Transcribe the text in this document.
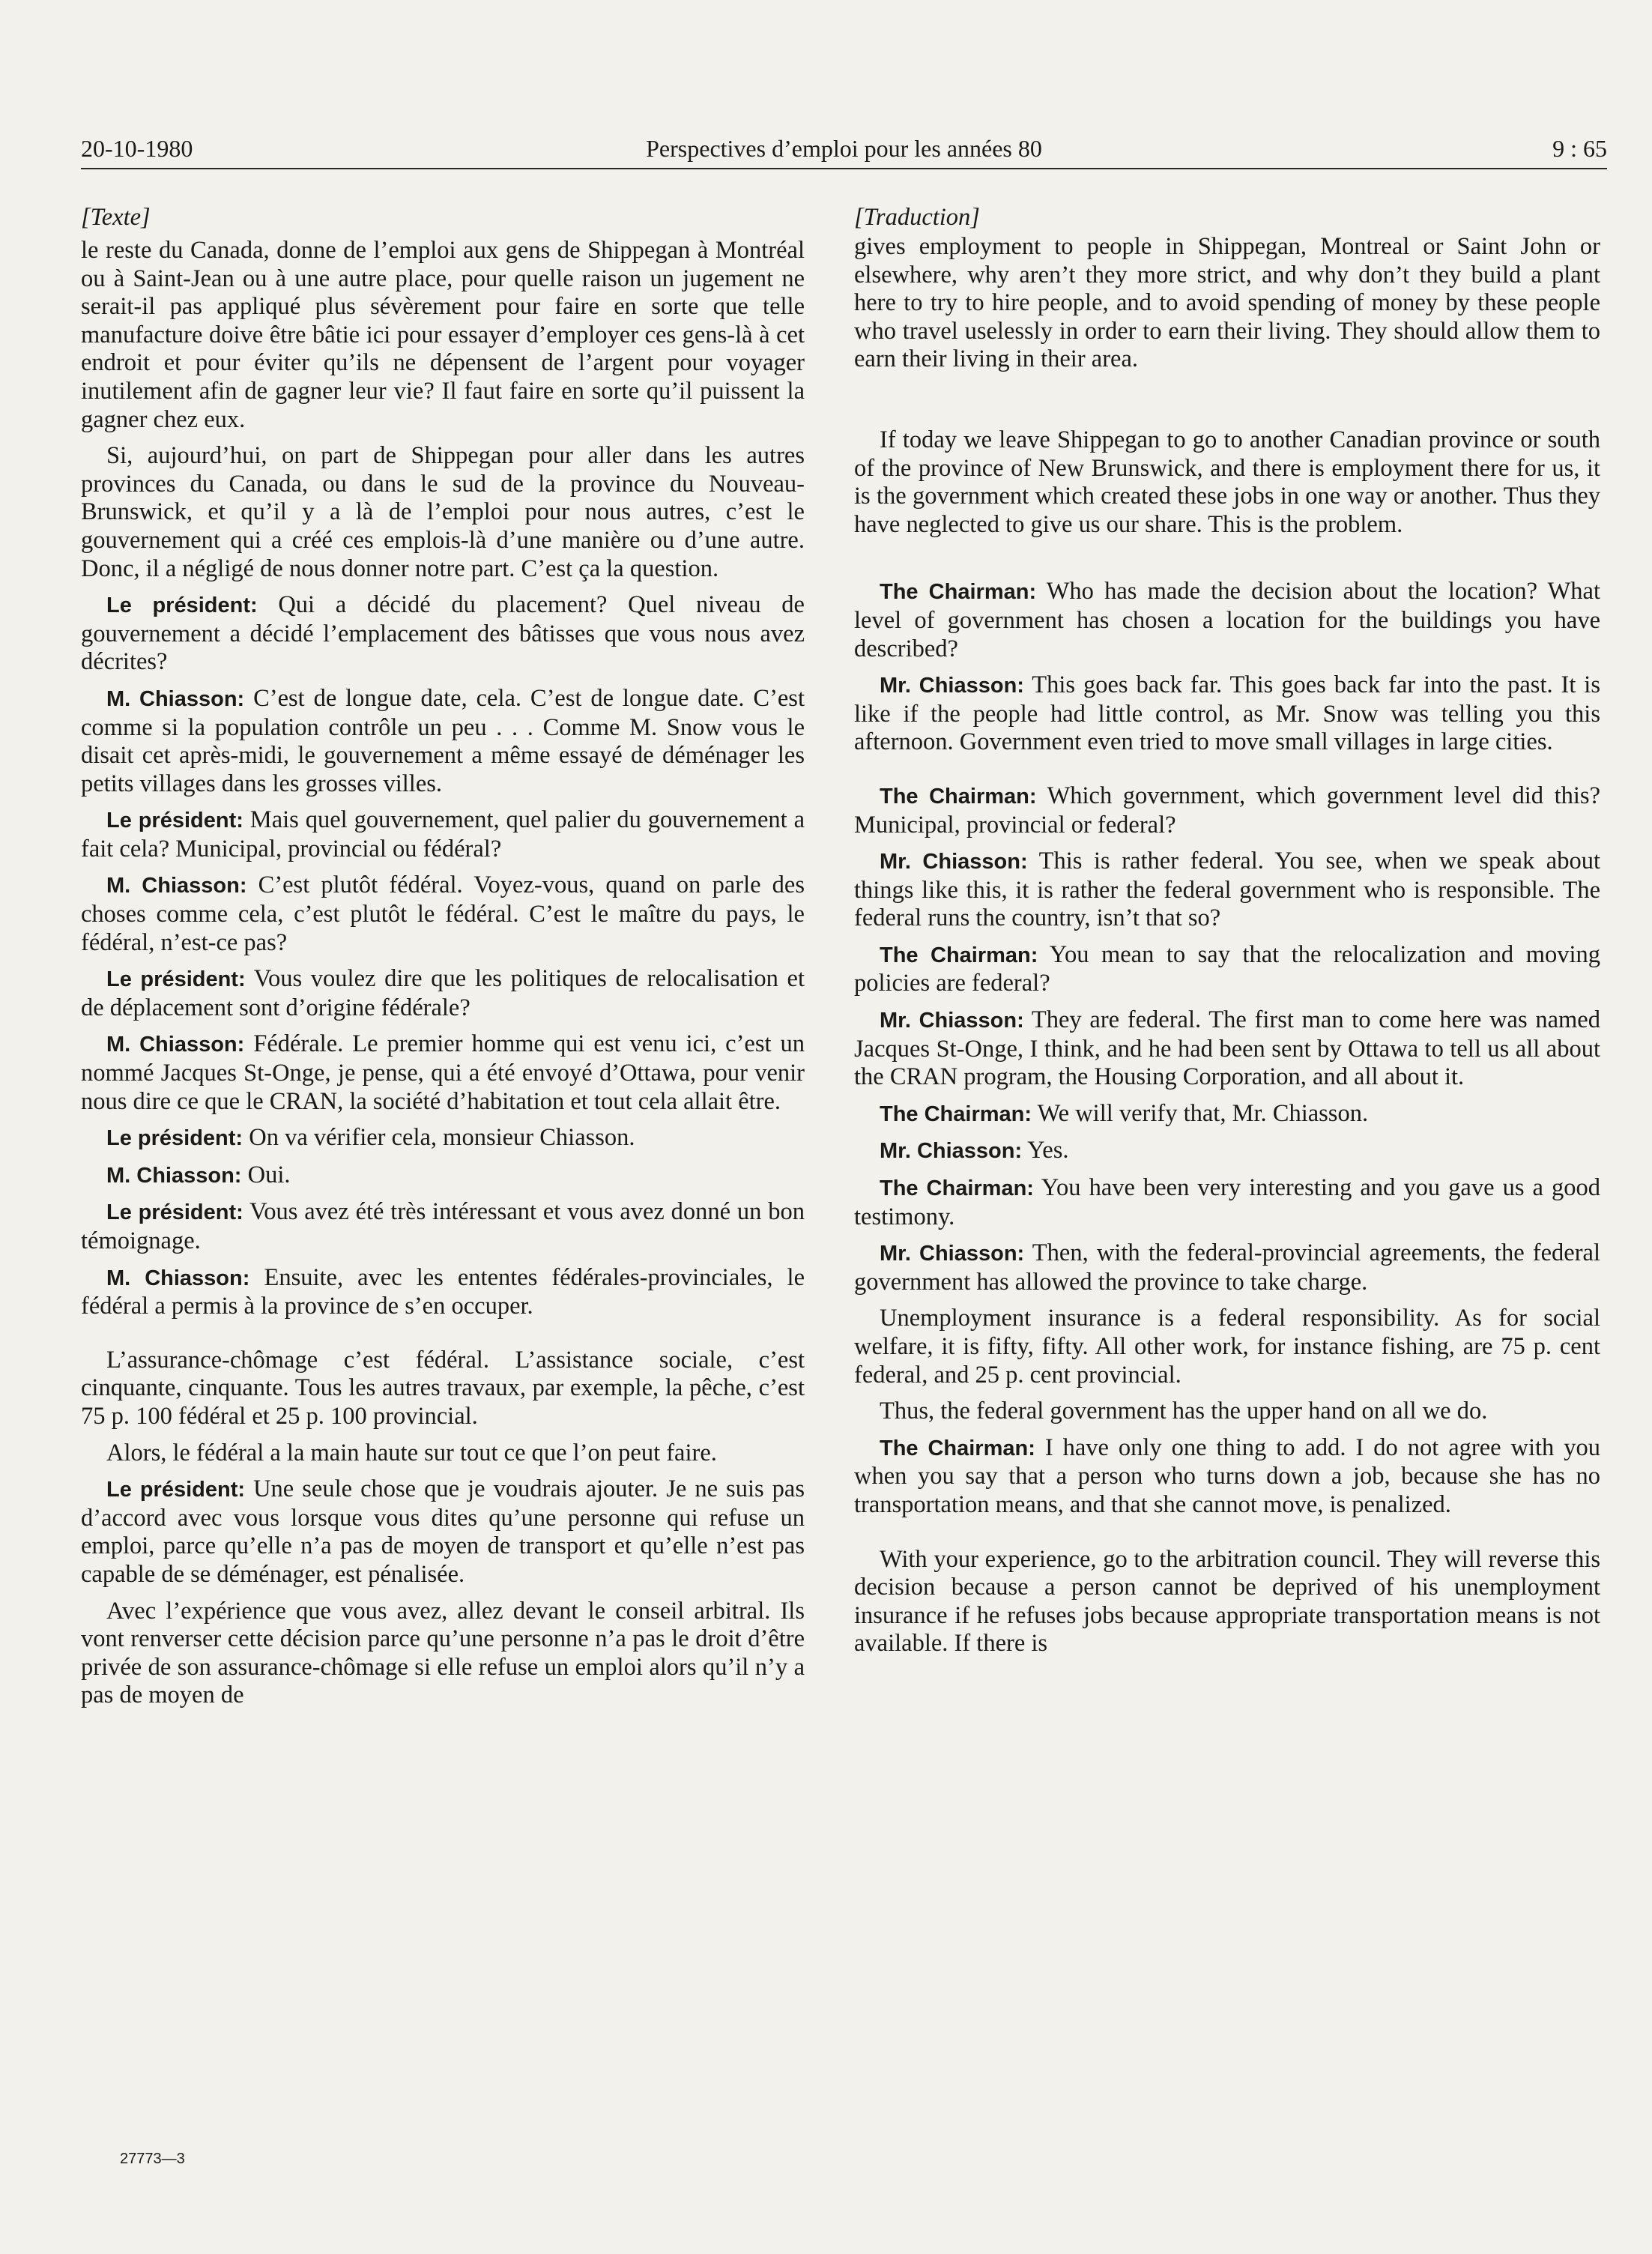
20-10-1980	Perspectives d’emploi pour les années 80	9 : 65
[Texte]

le reste du Canada, donne de l’emploi aux gens de Shippegan à Montréal ou à Saint-Jean ou à une autre place, pour quelle raison un jugement ne serait-il pas appliqué plus sévèrement pour faire en sorte que telle manufacture doive être bâtie ici pour essayer d’employer ces gens-là à cet endroit et pour éviter qu’ils ne dépensent de l’argent pour voyager inutilement afin de gagner leur vie? Il faut faire en sorte qu’il puissent la gagner chez eux.

Si, aujourd’hui, on part de Shippegan pour aller dans les autres provinces du Canada, ou dans le sud de la province du Nouveau-Brunswick, et qu’il y a là de l’emploi pour nous autres, c’est le gouvernement qui a créé ces emplois-là d’une manière ou d’une autre. Donc, il a négligé de nous donner notre part. C’est ça la question.

Le président: Qui a décidé du placement? Quel niveau de gouvernement a décidé l’emplacement des bâtisses que vous nous avez décrites?

M. Chiasson: C’est de longue date, cela. C’est de longue date. C’est comme si la population contrôle un peu . . . Comme M. Snow vous le disait cet après-midi, le gouvernement a même essayé de déménager les petits villages dans les grosses villes.

Le président: Mais quel gouvernement, quel palier du gouvernement a fait cela? Municipal, provincial ou fédéral?

M. Chiasson: C’est plutôt fédéral. Voyez-vous, quand on parle des choses comme cela, c’est plutôt le fédéral. C’est le maître du pays, le fédéral, n’est-ce pas?

Le président: Vous voulez dire que les politiques de relocalisation et de déplacement sont d’origine fédérale?

M. Chiasson: Fédérale. Le premier homme qui est venu ici, c’est un nommé Jacques St-Onge, je pense, qui a été envoyé d’Ottawa, pour venir nous dire ce que le CRAN, la société d’habitation et tout cela allait être.

Le président: On va vérifier cela, monsieur Chiasson.

M. Chiasson: Oui.

Le président: Vous avez été très intéressant et vous avez donné un bon témoignage.

M. Chiasson: Ensuite, avec les ententes fédérales-provinciales, le fédéral a permis à la province de s’en occuper.

L’assurance-chômage c’est fédéral. L’assistance sociale, c’est cinquante, cinquante. Tous les autres travaux, par exemple, la pêche, c’est 75 p. 100 fédéral et 25 p. 100 provincial.

Alors, le fédéral a la main haute sur tout ce que l’on peut faire.

Le président: Une seule chose que je voudrais ajouter. Je ne suis pas d’accord avec vous lorsque vous dites qu’une personne qui refuse un emploi, parce qu’elle n’a pas de moyen de transport et qu’elle n’est pas capable de se déménager, est pénalisée.

Avec l’expérience que vous avez, allez devant le conseil arbitral. Ils vont renverser cette décision parce qu’une personne n’a pas le droit d’être privée de son assurance-chômage si elle refuse un emploi alors qu’il n’y a pas de moyen de

[Traduction]

gives employment to people in Shippegan, Montreal or Saint John or elsewhere, why aren’t they more strict, and why don’t they build a plant here to try to hire people, and to avoid spending of money by these people who travel uselessly in order to earn their living. They should allow them to earn their living in their area.

If today we leave Shippegan to go to another Canadian province or south of the province of New Brunswick, and there is employment there for us, it is the government which created these jobs in one way or another. Thus they have neglected to give us our share. This is the problem.

The Chairman: Who has made the decision about the location? What level of government has chosen a location for the buildings you have described?

Mr. Chiasson: This goes back far. This goes back far into the past. It is like if the people had little control, as Mr. Snow was telling you this afternoon. Government even tried to move small villages in large cities.

The Chairman: Which government, which government level did this? Municipal, provincial or federal?

Mr. Chiasson: This is rather federal. You see, when we speak about things like this, it is rather the federal government who is responsible. The federal runs the country, isn’t that so?

The Chairman: You mean to say that the relocalization and moving policies are federal?

Mr. Chiasson: They are federal. The first man to come here was named Jacques St-Onge, I think, and he had been sent by Ottawa to tell us all about the CRAN program, the Housing Corporation, and all about it.

The Chairman: We will verify that, Mr. Chiasson.

Mr. Chiasson: Yes.

The Chairman: You have been very interesting and you gave us a good testimony.

Mr. Chiasson: Then, with the federal-provincial agreements, the federal government has allowed the province to take charge.

Unemployment insurance is a federal responsibility. As for social welfare, it is fifty, fifty. All other work, for instance fishing, are 75 p. cent federal, and 25 p. cent provincial.

Thus, the federal government has the upper hand on all we do.

The Chairman: I have only one thing to add. I do not agree with you when you say that a person who turns down a job, because she has no transportation means, and that she cannot move, is penalized.

With your experience, go to the arbitration council. They will reverse this decision because a person cannot be deprived of his unemployment insurance if he refuses jobs because appropriate transportation means is not available. If there is

27773—3
